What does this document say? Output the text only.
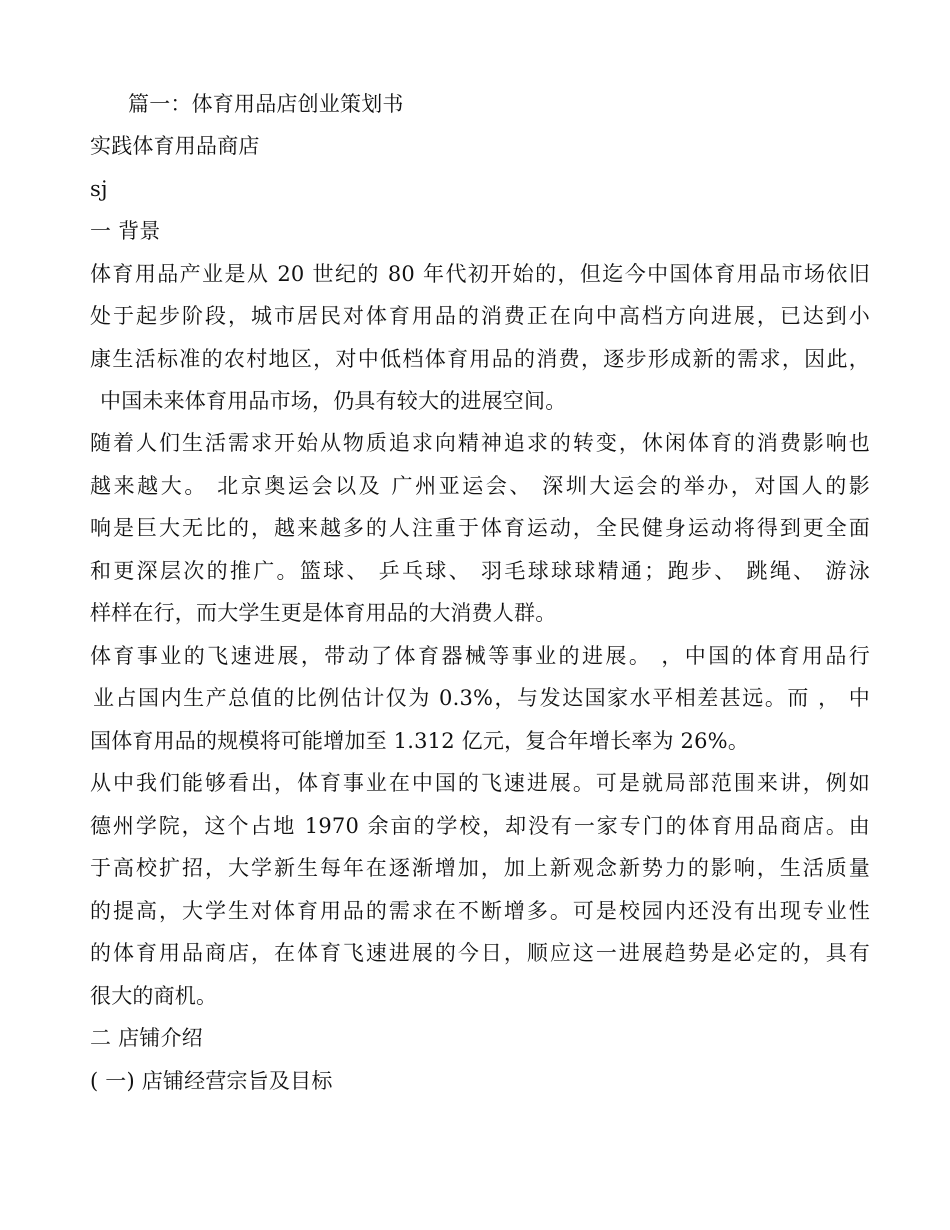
篇一：体育用品店创业策划书
实践体育用品商店
sj
一 背景
体育用品产业是从 20 世纪的 80 年代初开始的，但迄今中国体育用品市场依旧
处于起步阶段，城市居民对体育用品的消费正在向中高档方向进展，已达到小
康生活标准的农村地区，对中低档体育用品的消费，逐步形成新的需求，因此，
中国未来体育用品市场，仍具有较大的进展空间。
随着人们生活需求开始从物质追求向精神追求的转变，休闲体育的消费影响也
越来越大。 北京奥运会以及 广州亚运会、 深圳大运会的举办，对国人的影
响是巨大无比的，越来越多的人注重于体育运动，全民健身运动将得到更全面
和更深层次的推广。篮球、 乒乓球、 羽毛球球球精通；跑步、 跳绳、 游泳
样样在行，而大学生更是体育用品的大消费人群。
体育事业的飞速进展，带动了体育器械等事业的进展。 ，中国的体育用品行
业占国内生产总值的比例估计仅为 0.3%，与发达国家水平相差甚远。而 ， 中
国体育用品的规模将可能增加至 1.312 亿元，复合年增长率为 26%。
从中我们能够看出，体育事业在中国的飞速进展。可是就局部范围来讲，例如
德州学院，这个占地 1970 余亩的学校，却没有一家专门的体育用品商店。由
于高校扩招，大学新生每年在逐渐增加，加上新观念新势力的影响，生活质量
的提高，大学生对体育用品的需求在不断增多。可是校园内还没有出现专业性
的体育用品商店，在体育飞速进展的今日，顺应这一进展趋势是必定的，具有
很大的商机。
二 店铺介绍
( 一) 店铺经营宗旨及目标
